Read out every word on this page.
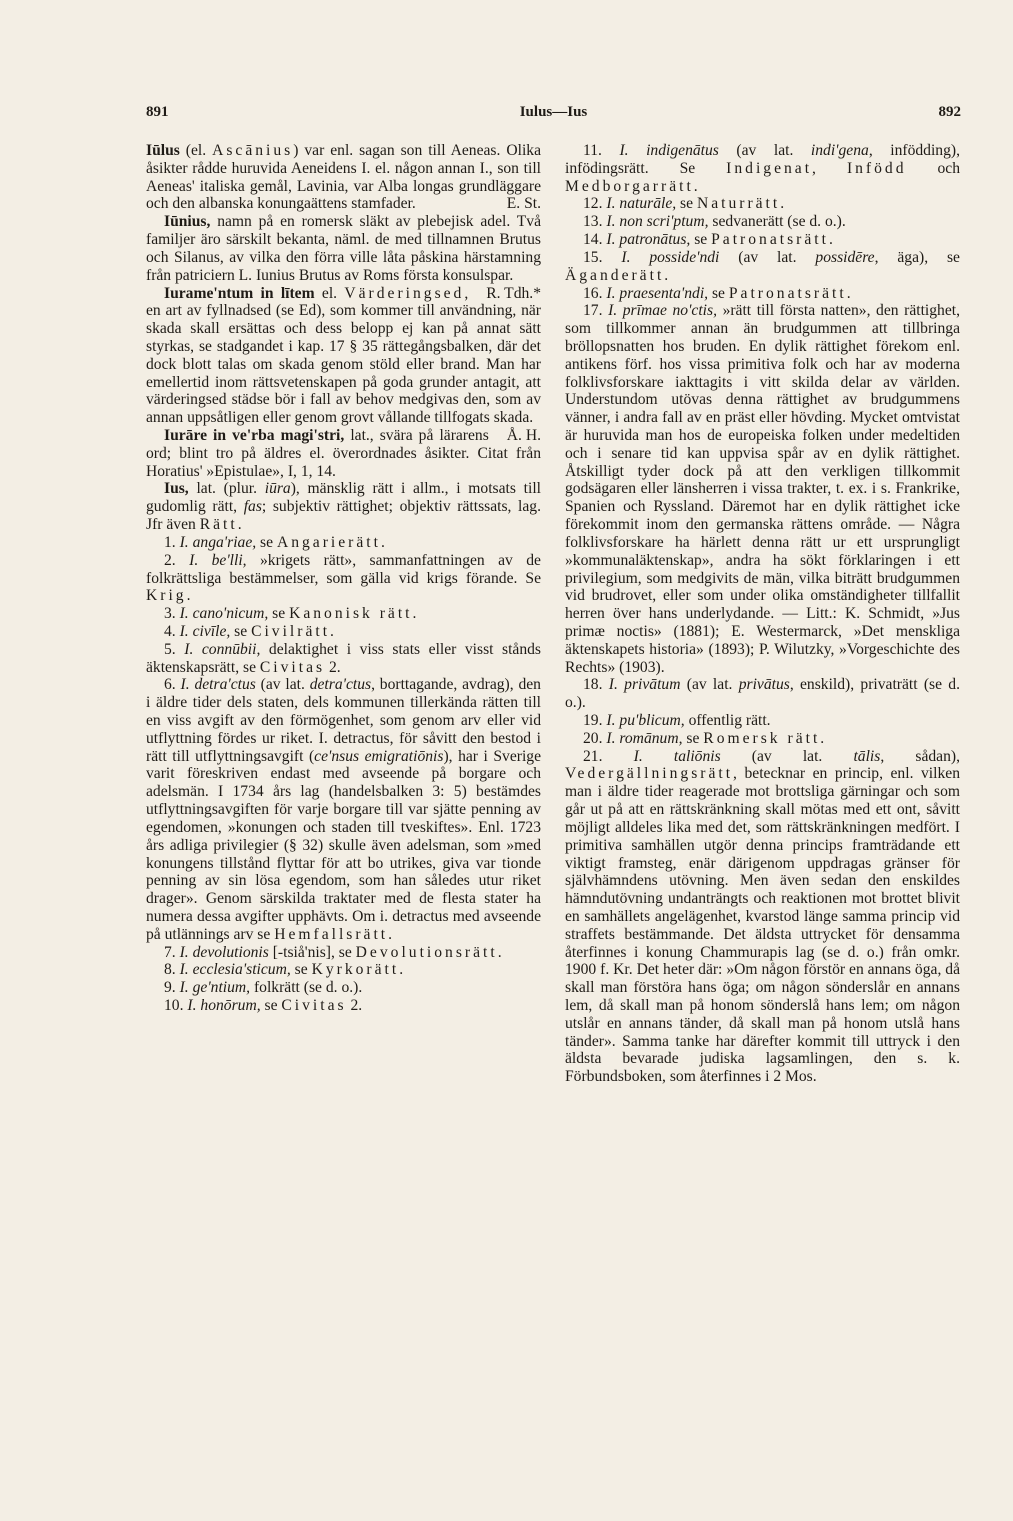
891	Iulus—Ius	892

Iūlus (el. Ascānius) var enl. sagan son till Aeneas. Olika åsikter rådde huruvida Aeneidens I. el. någon annan I., son till Aeneas' italiska gemål, Lavinia, var Alba longas grundläggare och den albanska konungaättens stamfader.	E. St.

Iūnius, namn på en romersk släkt av plebejisk adel. Två familjer äro särskilt bekanta, näml. de med tillnamnen Brutus och Silanus, av vilka den förra ville låta påskina härstamning från patriciern L. Iunius Brutus av Roms första konsulspar.
R. Tdh.*

Iurame'ntum in lītem el. Värderingsed, en art av fyllnadsed (se Ed), som kommer till användning, när skada skall ersättas och dess belopp ej kan på annat sätt styrkas, se stadgandet i kap. 17 § 35 rättegångsbalken, där det dock blott talas om skada genom stöld eller brand. Man har emellertid inom rättsvetenskapen på goda grunder antagit, att värderingsed städse bör i fall av behov medgivas den, som av annan uppsåtligen eller genom grovt vållande tillfogats skada.
Å. H.

Iurāre in ve'rba magi'stri, lat., svära på lärarens ord; blint tro på äldres el. överordnades åsikter. Citat från Horatius' »Epistulae», I, 1, 14.

Ius, lat. (plur. iūra), mänsklig rätt i allm., i motsats till gudomlig rätt, fas; subjektiv rättighet; objektiv rättssats, lag. Jfr även Rätt.

1. I. anga'riae, se Angarierätt.

2. I. be'lli, »krigets rätt», sammanfattningen av de folkrättsliga bestämmelser, som gälla vid krigs förande. Se Krig.

3. I. cano'nicum, se Kanonisk rätt.

4. I. civīle, se Civilrätt.

5. I. connūbii, delaktighet i viss stats eller visst stånds äktenskapsrätt, se Civitas 2.

6. I. detra'ctus (av lat. detra'ctus, borttagande, avdrag), den i äldre tider dels staten, dels kommunen tillerkända rätten till en viss avgift av den förmögenhet, som genom arv eller vid utflyttning fördes ur riket. I. detractus, för såvitt den bestod i rätt till utflyttningsavgift (ce'nsus emigratiōnis), har i Sverige varit föreskriven endast med avseende på borgare och adelsmän. I 1734 års lag (handelsbalken 3: 5) bestämdes utflyttningsavgiften för varje borgare till var sjätte penning av egendomen, »konungen och staden till tveskiftes». Enl. 1723 års adliga privilegier (§ 32) skulle även adelsman, som »med konungens tillstånd flyttar för att bo utrikes, giva var tionde penning av sin lösa egendom, som han således utur riket drager». Genom särskilda traktater med de flesta stater ha numera dessa avgifter upphävts. Om i. detractus med avseende på utlännings arv se Hemfallsrätt.

7. I. devolutionis [-tsiå'nis], se Devolutionsrätt.

8. I. ecclesia'sticum, se Kyrkorätt.

9. I. ge'ntium, folkrätt (se d. o.).

10. I. honōrum, se Civitas 2.

11. I. indigenātus (av lat. indi'gena, infödding), infödingsrätt. Se Indigenat, Infödd och Medborgarrätt.

12. I. naturāle, se Naturrätt.

13. I. non scri'ptum, sedvanerätt (se d. o.).

14. I. patronātus, se Patronatsrätt.

15. I. posside'ndi (av lat. possidēre, äga), se Äganderätt.

16. I. praesenta'ndi, se Patronatsrätt.

17. I. prīmae no'ctis, »rätt till första natten», den rättighet, som tillkommer annan än brudgummen att tillbringa bröllopsnatten hos bruden. En dylik rättighet förekom enl. antikens förf. hos vissa primitiva folk och har av moderna folklivsforskare iakttagits i vitt skilda delar av världen. Understundom utövas denna rättighet av brudgummens vänner, i andra fall av en präst eller hövding. Mycket omtvistat är huruvida man hos de europeiska folken under medeltiden och i senare tid kan uppvisa spår av en dylik rättighet. Åtskilligt tyder dock på att den verkligen tillkommit godsägaren eller länsherren i vissa trakter, t. ex. i s. Frankrike, Spanien och Ryssland. Däremot har en dylik rättighet icke förekommit inom den germanska rättens område. — Några folklivsforskare ha härlett denna rätt ur ett ursprungligt »kommunaläktenskap», andra ha sökt förklaringen i ett privilegium, som medgivits de män, vilka biträtt brudgummen vid brudrovet, eller som under olika omständigheter tillfallit herren över hans underlydande. — Litt.: K. Schmidt, »Jus primæ noctis» (1881); E. Westermarck, »Det menskliga äktenskapets historia» (1893); P. Wilutzky, »Vorgeschichte des Rechts» (1903).

18. I. privātum (av lat. privātus, enskild), privaträtt (se d. o.).

19. I. pu'blicum, offentlig rätt.

20. I. romānum, se Romersk rätt.

21. I. taliōnis (av lat. tālis, sådan), Vedergällningsrätt, betecknar en princip, enl. vilken man i äldre tider reagerade mot brottsliga gärningar och som går ut på att en rättskränkning skall mötas med ett ont, såvitt möjligt alldeles lika med det, som rättskränkningen medfört. I primitiva samhällen utgör denna princips framträdande ett viktigt framsteg, enär därigenom uppdragas gränser för självhämndens utövning. Men även sedan den enskildes hämndutövning undanträngts och reaktionen mot brottet blivit en samhällets angelägenhet, kvarstod länge samma princip vid straffets bestämmande. Det äldsta uttrycket för densamma återfinnes i konung Chammurapis lag (se d. o.) från omkr. 1900 f. Kr. Det heter där: »Om någon förstör en annans öga, då skall man förstöra hans öga; om någon sönderslår en annans lem, då skall man på honom sönderslå hans lem; om någon utslår en annans tänder, då skall man på honom utslå hans tänder». Samma tanke har därefter kommit till uttryck i den äldsta bevarade judiska lagsamlingen, den s. k. Förbundsboken, som återfinnes i 2 Mos.
